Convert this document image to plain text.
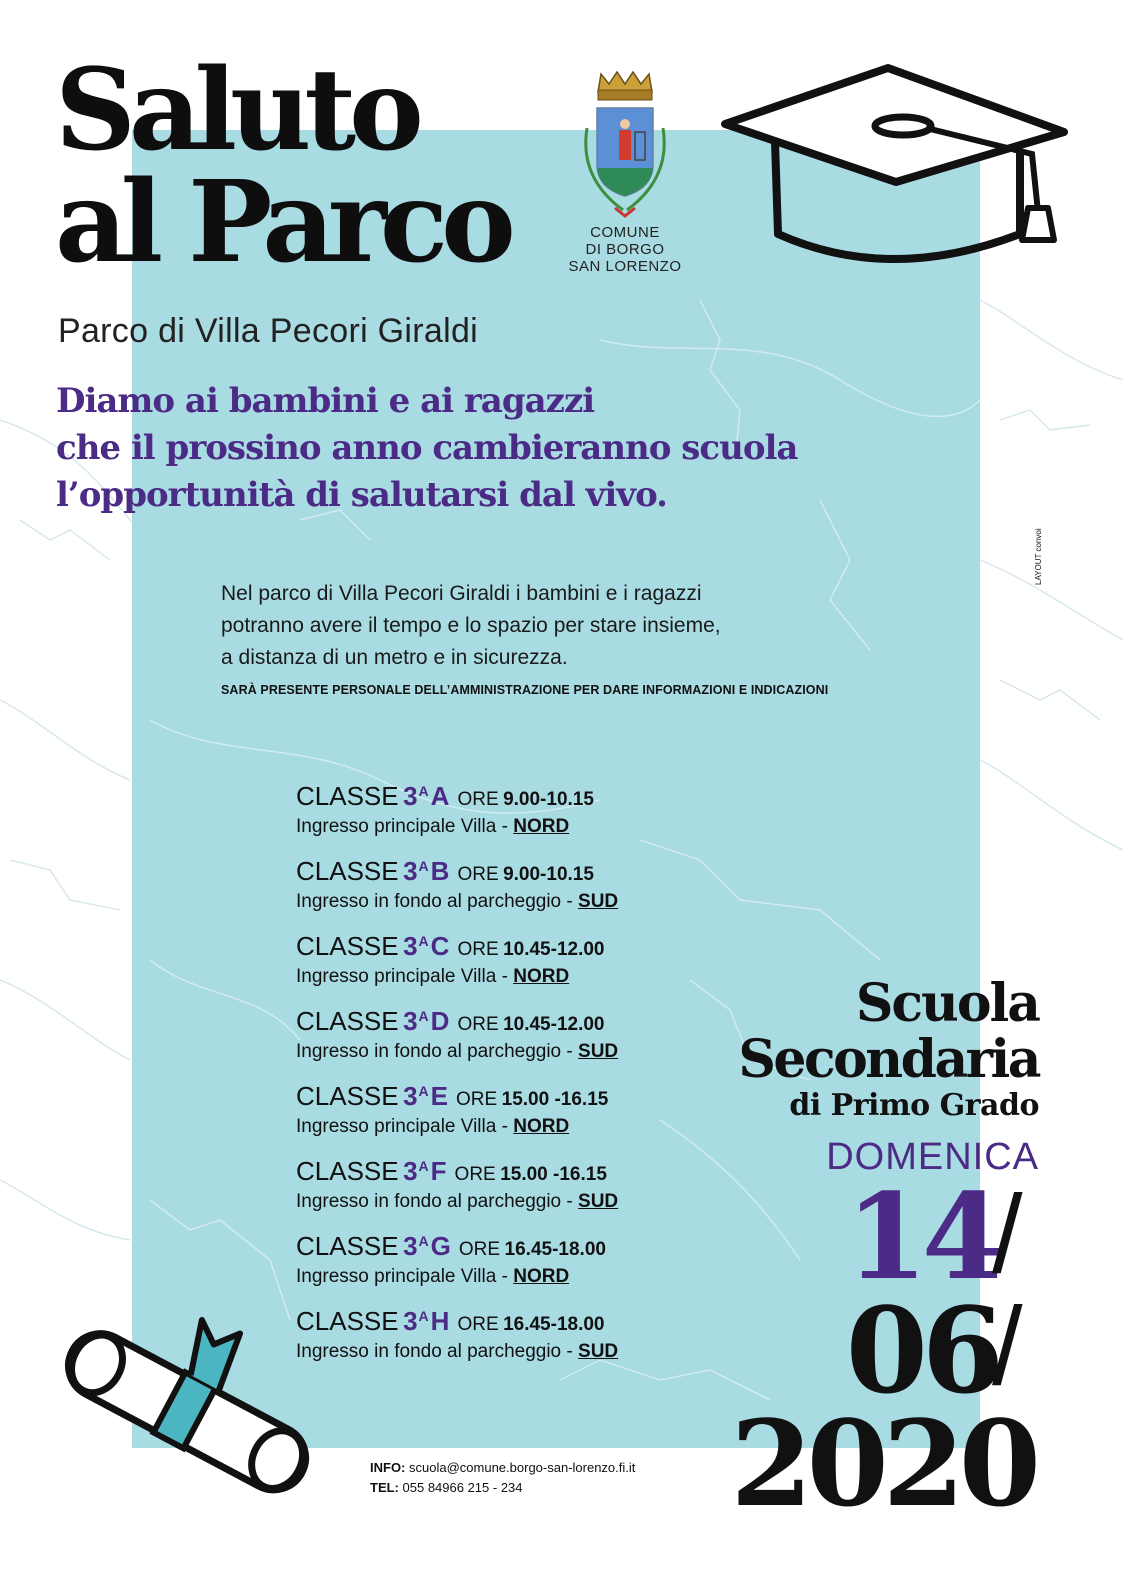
Saluto
al Parco	COMUNE
DI BORGO
SAN LORENZO
Parco di Villa Pecori Giraldi
Diamo ai bambini e ai ragazzi
che il prossino anno cambieranno scuola
l’opportunità di salutarsi dal vivo.
Nel parco di Villa Pecori Giraldi i bambini e i ragazzi
potranno avere il tempo e lo spazio per stare insieme,
a distanza di un metro e in sicurezza.
SARÀ PRESENTE PERSONALE DELL’AMMINISTRAZIONE PER DARE INFORMAZIONI E INDICAZIONI
CLASSE $3^AA$ ORE 9.00-10.15
Ingresso principale Villa - NORD
CLASSE $3^AB$ ORE 9.00-10.15
Ingresso in fondo al parcheggio - SUD
CLASSE $3^AC$ ORE 10.45-12.00
Ingresso principale Villa - NORD
CLASSE $3^AD$ ORE 10.45-12.00
Ingresso in fondo al parcheggio - SUD
CLASSE $3^AE$ ORE 15.00 -16.15
Ingresso principale Villa - NORD
CLASSE $3^AF$ ORE 15.00 -16.15
Ingresso in fondo al parcheggio - SUD
CLASSE $3^AG$ ORE 16.45-18.00
Ingresso principale Villa - NORD
CLASSE $3^AH$ ORE 16.45-18.00
Ingresso in fondo al parcheggio - SUD
Scuola
Secondaria
di Primo Grado
DOMENICA
14
/
06
/
2020
INFO: scuola@comune.borgo-san-lorenzo.fi.it
TEL: 055 84966 215 - 234
LAYOUT convoi
